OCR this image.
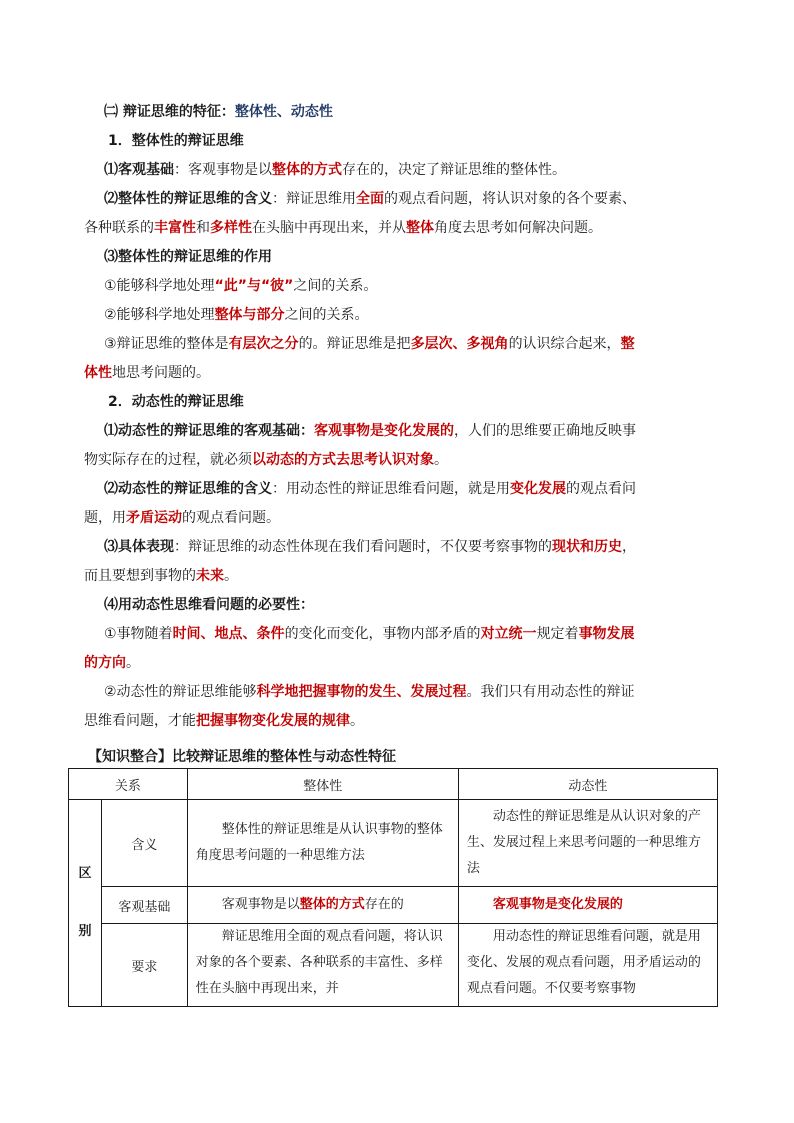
㈡ 辩证思维的特征：整体性、动态性

1．整体性的辩证思维

⑴客观基础：客观事物是以整体的方式存在的，决定了辩证思维的整体性。

⑵整体性的辩证思维的含义：辩证思维用全面的观点看问题，将认识对象的各个要素、

各种联系的丰富性和多样性在头脑中再现出来，并从整体角度去思考如何解决问题。

⑶整体性的辩证思维的作用

①能够科学地处理“此”与“彼”之间的关系。

②能够科学地处理整体与部分之间的关系。

③辩证思维的整体是有层次之分的。辩证思维是把多层次、多视角的认识综合起来，整

体性地思考问题的。

2．动态性的辩证思维

⑴动态性的辩证思维的客观基础：客观事物是变化发展的，人们的思维要正确地反映事

物实际存在的过程，就必须以动态的方式去思考认识对象。

⑵动态性的辩证思维的含义：用动态性的辩证思维看问题，就是用变化发展的观点看问

题，用矛盾运动的观点看问题。

⑶具体表现：辩证思维的动态性体现在我们看问题时，不仅要考察事物的现状和历史，

而且要想到事物的未来。

⑷用动态性思维看问题的必要性：

①事物随着时间、地点、条件的变化而变化，事物内部矛盾的对立统一规定着事物发展

的方向。

②动态性的辩证思维能够科学地把握事物的发生、发展过程。我们只有用动态性的辩证

思维看问题，才能把握事物变化发展的规律。

【知识整合】比较辩证思维的整体性与动态性特征
关系		整体性	动态性
区别	含义	整体性的辩证思维是从认识事物的整体角度思考问题的一种思维方法	动态性的辩证思维是从认识对象的产生、发展过程上来思考问题的一种思维方法
	客观基础	客观事物是以整体的方式存在的	客观事物是变化发展的
	要求	辩证思维用全面的观点看问题，将认识对象的各个要素、各种联系的丰富性、多样性在头脑中再现出来，并	用动态性的辩证思维看问题，就是用变化、发展的观点看问题，用矛盾运动的观点看问题。不仅要考察事物
